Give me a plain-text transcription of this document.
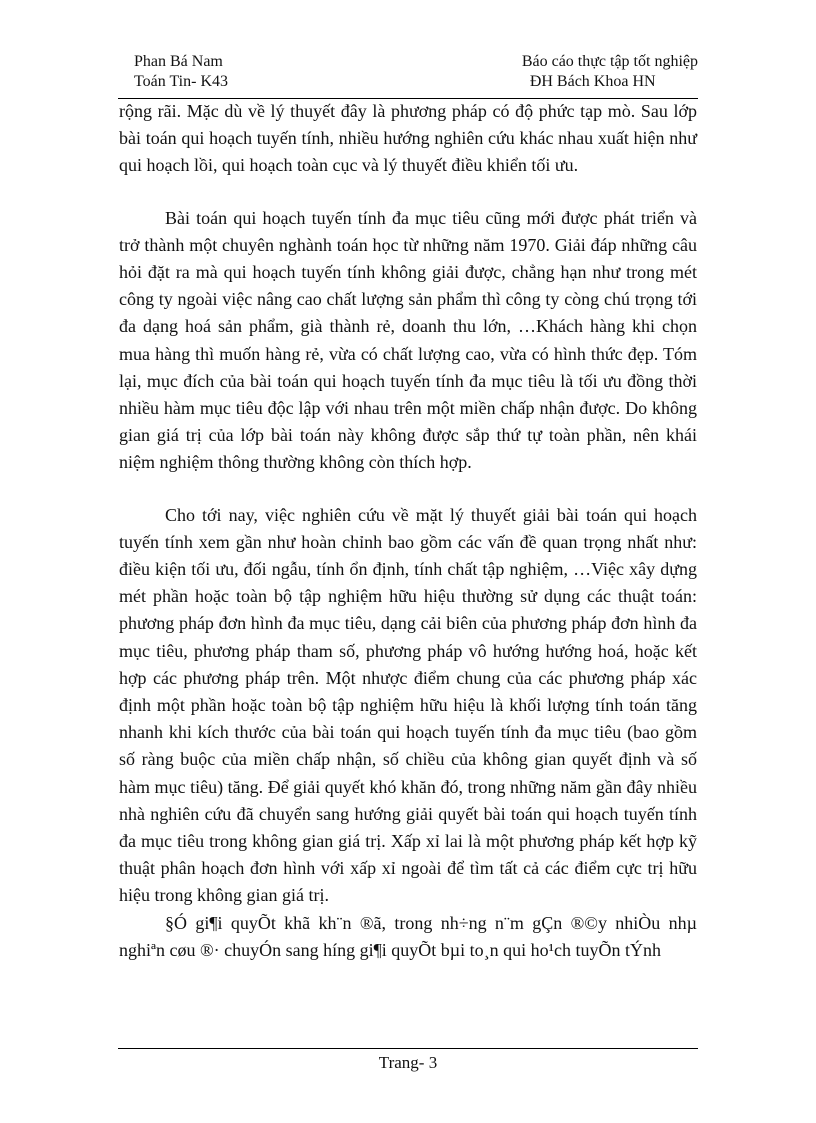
Phan Bá Nam
Toán Tin- K43
Báo cáo thực tập tốt nghiệp
ĐH Bách Khoa HN

rộng rãi. Mặc dù về lý thuyết đây là phương pháp có độ phức tạp mò. Sau lớp bài toán qui hoạch tuyến tính, nhiều hướng nghiên cứu khác nhau xuất hiện như qui hoạch lồi, qui hoạch toàn cục và lý thuyết điều khiển tối ưu.

Bài toán qui hoạch tuyến tính đa mục tiêu cũng mới được phát triển và trở thành một chuyên nghành toán học từ những năm 1970. Giải đáp những câu hỏi đặt ra mà qui hoạch tuyến tính không giải được, chẳng hạn như trong mét công ty ngoài việc nâng cao chất lượng sản phẩm thì công ty còng chú trọng tới đa dạng hoá sản phẩm, già thành rẻ, doanh thu lớn, …Khách hàng khi chọn mua hàng thì muốn hàng rẻ, vừa có chất lượng cao, vừa có hình thức đẹp. Tóm lại, mục đích của bài toán qui hoạch tuyến tính đa mục tiêu là tối ưu đồng thời nhiều hàm mục tiêu độc lập với nhau trên một miền chấp nhận được. Do không gian giá trị của lớp bài toán này không được sắp thứ tự toàn phần, nên khái niệm nghiệm thông thường không còn thích hợp.

Cho tới nay, việc nghiên cứu về mặt lý thuyết giải bài toán qui hoạch tuyến tính xem gần như hoàn chỉnh bao gồm các vấn đề quan trọng nhất như: điều kiện tối ưu, đối ngẫu, tính ổn định, tính chất tập nghiệm, …Việc xây dựng mét phần hoặc toàn bộ tập nghiệm hữu hiệu thường sử dụng các thuật toán: phương pháp đơn hình đa mục tiêu, dạng cải biên của phương pháp đơn hình đa mục tiêu, phương pháp tham số, phương pháp vô hướng hướng hoá, hoặc kết hợp các phương pháp trên. Một nhược điểm chung của các phương pháp xác định một phần hoặc toàn bộ tập nghiệm hữu hiệu là khối lượng tính toán tăng nhanh khi kích thước của bài toán qui hoạch tuyến tính đa mục tiêu (bao gồm số ràng buộc của miền chấp nhận, số chiều của không gian quyết định và số hàm mục tiêu) tăng. Để giải quyết khó khăn đó, trong những năm gần đây nhiều nhà nghiên cứu đã chuyển sang hướng giải quyết bài toán qui hoạch tuyến tính đa mục tiêu trong không gian giá trị. Xấp xỉ lai là một phương pháp kết hợp kỹ thuật phân hoạch đơn hình với xấp xỉ ngoài để tìm tất cả các điểm cực trị hữu hiệu trong không gian giá trị.

§Ó gi¶i quyÕt khã kh¨n ®ã, trong nh÷ng n¨m gÇn ®©y nhiÒu nhµ nghiªn cøu ®· chuyÓn sang híng gi¶i quyÕt bµi to¸n qui ho¹ch tuyÕn tÝnh

Trang- 3
